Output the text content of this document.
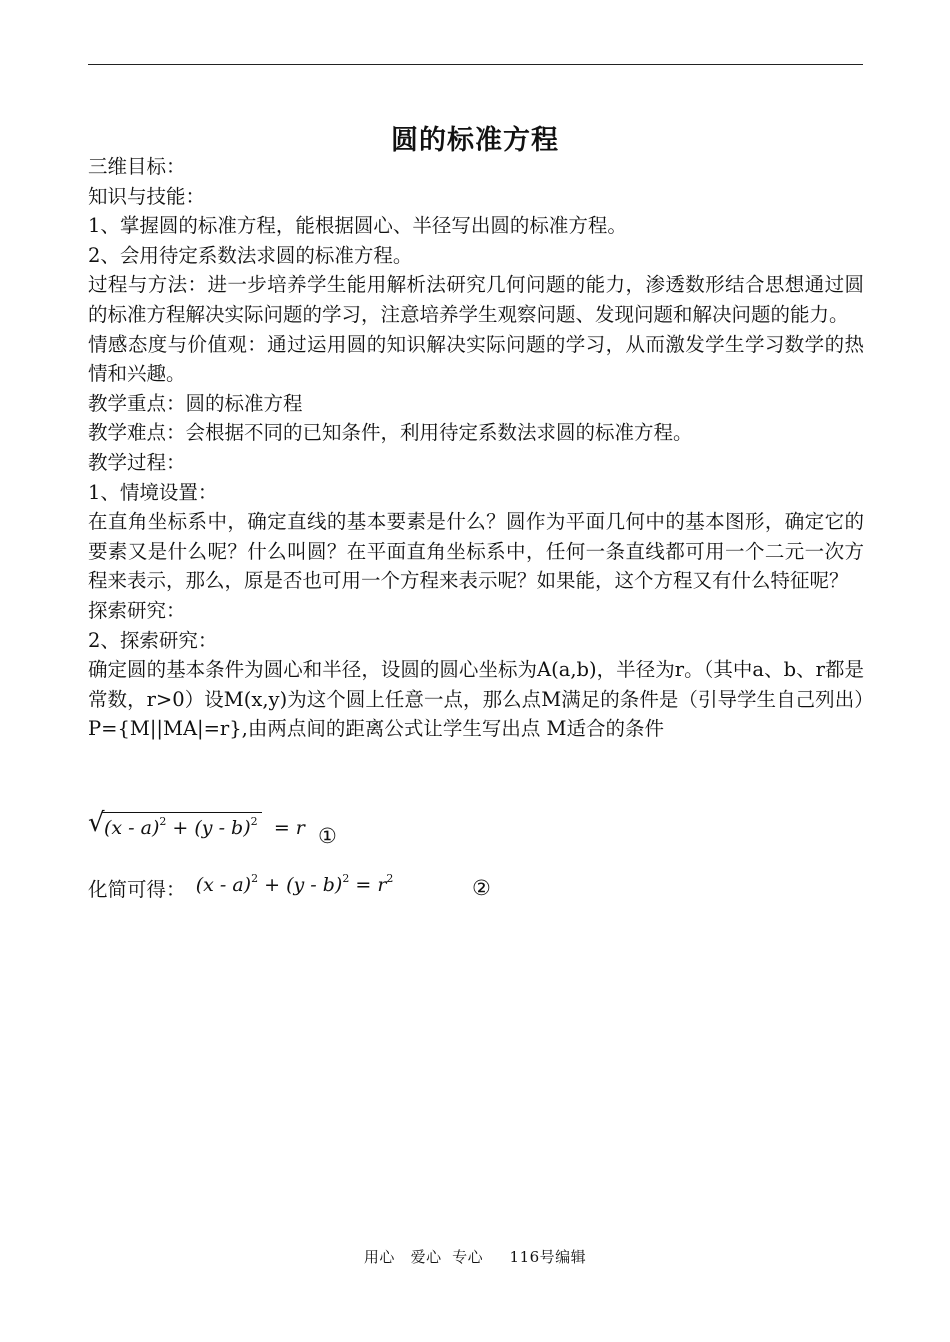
圆的标准方程

三维目标：

知识与技能：

1、掌握圆的标准方程，能根据圆心、半径写出圆的标准方程。

2、会用待定系数法求圆的标准方程。

过程与方法：进一步培养学生能用解析法研究几何问题的能力，渗透数形结合思想通过圆的标准方程解决实际问题的学习，注意培养学生观察问题、发现问题和解决问题的能力。

情感态度与价值观：通过运用圆的知识解决实际问题的学习，从而激发学生学习数学的热情和兴趣。

教学重点：圆的标准方程

教学难点：会根据不同的已知条件，利用待定系数法求圆的标准方程。

教学过程：

1、情境设置：

在直角坐标系中，确定直线的基本要素是什么？圆作为平面几何中的基本图形，确定它的要素又是什么呢？什么叫圆？在平面直角坐标系中，任何一条直线都可用一个二元一次方程来表示，那么，原是否也可用一个方程来表示呢？如果能，这个方程又有什么特征呢？

探索研究：

2、探索研究：

确定圆的基本条件为圆心和半径，设圆的圆心坐标为A(a,b)，半径为r。（其中a、b、r都是常数，r>0）设M(x,y)为这个圆上任意一点，那么点M满足的条件是（引导学生自己列出）P={M||MA|=r},由两点间的距离公式让学生写出点 M适合的条件

√ (x - a)$^2$ + (y - b)$^2$ = r ①
化简可得： $(x - a)^2 + (y - b)^2 = r^2$	②
用心   爱心  专心     116号编辑
